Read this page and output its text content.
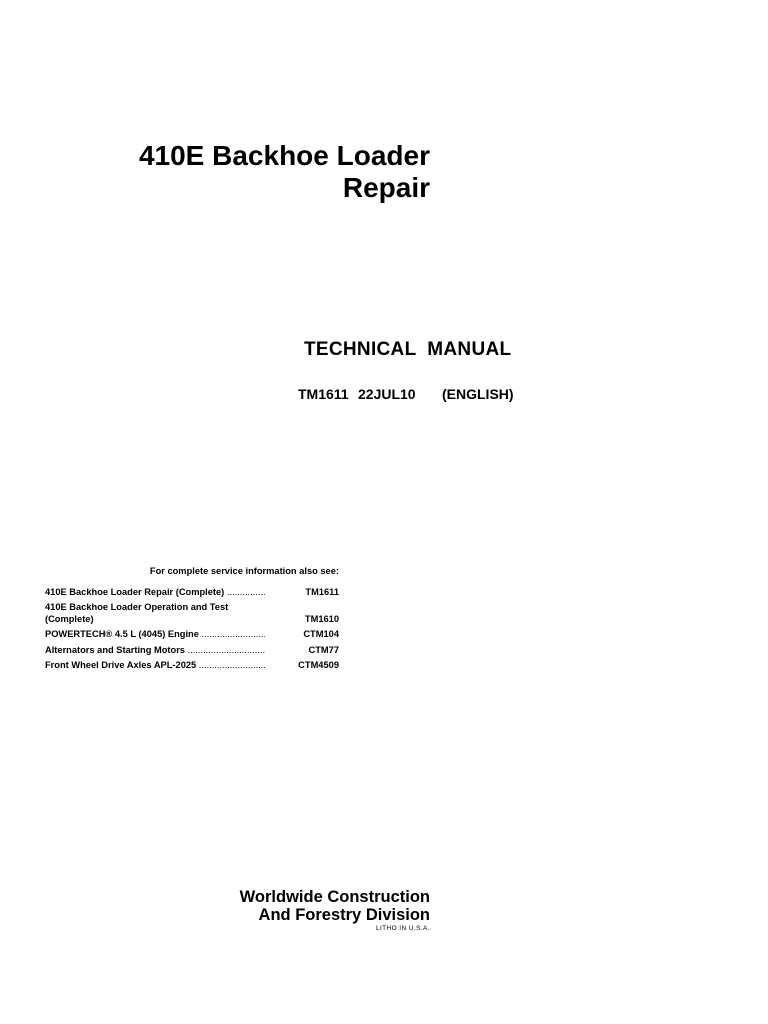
410E Backhoe Loader
Repair
TECHNICAL  MANUAL
TM1611 22JUL10 (ENGLISH)
For complete service information also see:
410E Backhoe Loader Repair (Complete) .....	TM1611
410E Backhoe Loader Operation and Test (Complete) .....	TM1610
POWERTECH® 4.5 L (4045) Engine .....	CTM104
Alternators and Starting Motors .....	CTM77
Front Wheel Drive Axles APL-2025 .....	CTM4509
Worldwide Construction
And Forestry Division
LITHO IN U.S.A.
